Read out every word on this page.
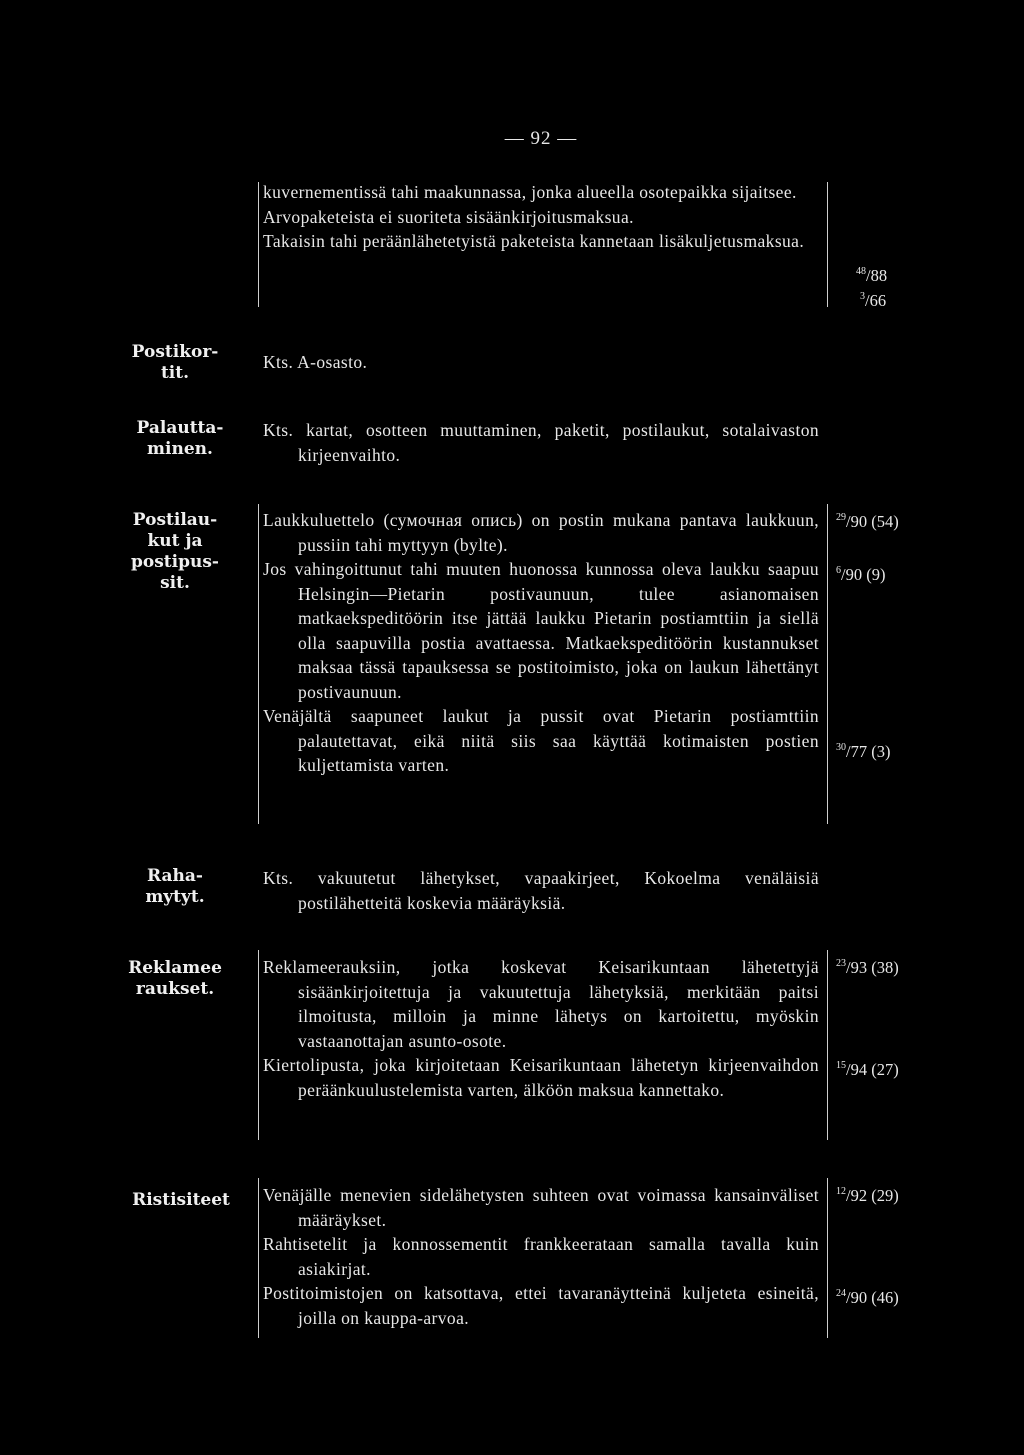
— 92 —
kuvernementissä tahi maakunnassa, jonka alueella osotepaikka sijaitsee.
Arvopaketeista ei suoriteta sisäänkirjoitusmaksua.
Takaisin tahi peräänlähetetyistä paketeista kannetaan lisäkuljetusmaksua.
$^{48}$/88
$^3$/66
Postikor-
tit.
Kts. A-osasto.
Palautta-
minen.
Kts. kartat, osotteen muuttaminen, paketit, postilaukut, sotalaivaston kirjeenvaihto.
Postilau-
kut ja
postipus-
sit.
Laukkuluettelo (сумочная опись) on postin mukana pantava laukkuun, pussiin tahi myttyyn (bylte).
Jos vahingoittunut tahi muuten huonossa kunnossa oleva laukku saapuu Helsingin—Pietarin postivaunuun, tulee asianomaisen matkaekspeditöörin itse jättää laukku Pietarin postiamttiin ja siellä olla saapuvilla postia avattaessa. Matkaekspeditöörin kustannukset maksaa tässä tapauksessa se postitoimisto, joka on laukun lähettänyt postivaunuun.
Venäjältä saapuneet laukut ja pussit ovat Pietarin postiamttiin palautettavat, eikä niitä siis saa käyttää kotimaisten postien kuljettamista varten.
$^{29}$/90 (54)
$^6$/90 (9)
$^{30}$/77 (3)
Raha-
mytyt.
Kts. vakuutetut lähetykset, vapaakirjeet, Kokoelma venäläisiä postilähetteitä koskevia määräyksiä.
Reklamee
raukset.
Reklameerauksiin, jotka koskevat Keisarikuntaan lähetettyjä sisäänkirjoitettuja ja vakuutettuja lähetyksiä, merkitään paitsi ilmoitusta, milloin ja minne lähetys on kartoitettu, myöskin vastaanottajan asunto-osote.
Kiertolipusta, joka kirjoitetaan Keisarikuntaan lähetetyn kirjeenvaihdon peräänkuulustelemista varten, älköön maksua kannettako.
$^{23}$/93 (38)
$^{15}$/94 (27)
Ristisiteet	Venäjälle menevien sidelähetysten suhteen ovat voimassa kansainväliset määräykset.
Rahtisetelit ja konnossementit frankkeerataan samalla tavalla kuin asiakirjat.
Postitoimistojen on katsottava, ettei tavaranäytteinä kuljeteta esineitä, joilla on kauppa-arvoa.
$^{12}$/92 (29)
$^{24}$/90 (46)
